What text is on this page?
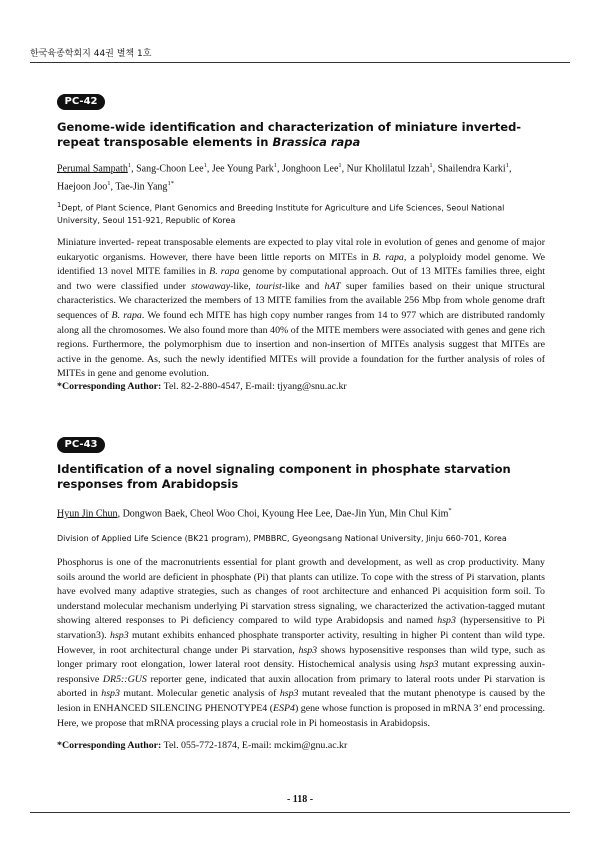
한국육종학회지 44권 별책 1호
PC-42
Genome-wide identification and characterization of miniature inverted- repeat transposable elements in Brassica rapa
Perumal Sampath$^1$, Sang-Choon Lee$^1$, Jee Young Park$^1$, Jonghoon Lee$^1$, Nur Kholilatul Izzah$^1$, Shailendra Karki$^1$, Haejoon Joo$^1$, Tae-Jin Yang$^{1*}$
$^1$Dept, of Plant Science, Plant Genomics and Breeding Institute for Agriculture and Life Sciences, Seoul National University, Seoul 151-921, Republic of Korea
Miniature inverted- repeat transposable elements are expected to play vital role in evolution of genes and genome of major eukaryotic organisms. However, there have been little reports on MITEs in B. rapa, a polyploidy model genome. We identified 13 novel MITE families in B. rapa genome by computational approach. Out of 13 MITEs families three, eight and two were classified under stowaway-like, tourist-like and hAT super families based on their unique structural characteristics. We characterized the members of 13 MITE families from the available 256 Mbp from whole genome draft sequences of B. rapa. We found ech MITE has high copy number ranges from 14 to 977 which are distributed randomly along all the chromosomes. We also found more than 40% of the MITE members were associated with genes and gene rich regions. Furthermore, the polymorphism due to insertion and non-insertion of MITEs analysis suggest that MITEs are active in the genome. As, such the newly identified MITEs will provide a foundation for the further analysis of roles of MITEs in gene and genome evolution.
*Corresponding Author: Tel. 82-2-880-4547, E-mail: tjyang@snu.ac.kr
PC-43
Identification of a novel signaling component in phosphate starvation responses from Arabidopsis
Hyun Jin Chun, Dongwon Baek, Cheol Woo Choi, Kyoung Hee Lee, Dae-Jin Yun, Min Chul Kim*
Division of Applied Life Science (BK21 program), PMBBRC, Gyeongsang National University, Jinju 660-701, Korea
Phosphorus is one of the macronutrients essential for plant growth and development, as well as crop productivity. Many soils around the world are deficient in phosphate (Pi) that plants can utilize. To cope with the stress of Pi starvation, plants have evolved many adaptive strategies, such as changes of root architecture and enhanced Pi acquisition form soil. To understand molecular mechanism underlying Pi starvation stress signaling, we characterized the activation-tagged mutant showing altered responses to Pi deficiency compared to wild type Arabidopsis and named hsp3 (hypersensitive to Pi starvation3). hsp3 mutant exhibits enhanced phosphate transporter activity, resulting in higher Pi content than wild type. However, in root architectural change under Pi starvation, hsp3 shows hyposensitive responses than wild type, such as longer primary root elongation, lower lateral root density. Histochemical analysis using hsp3 mutant expressing auxin-responsive DR5::GUS reporter gene, indicated that auxin allocation from primary to lateral roots under Pi starvation is aborted in hsp3 mutant. Molecular genetic analysis of hsp3 mutant revealed that the mutant phenotype is caused by the lesion in ENHANCED SILENCING PHENOTYPE4 (ESP4) gene whose function is proposed in mRNA 3’ end processing. Here, we propose that mRNA processing plays a crucial role in Pi homeostasis in Arabidopsis.
*Corresponding Author: Tel. 055-772-1874, E-mail: mckim@gnu.ac.kr
- 118 -
